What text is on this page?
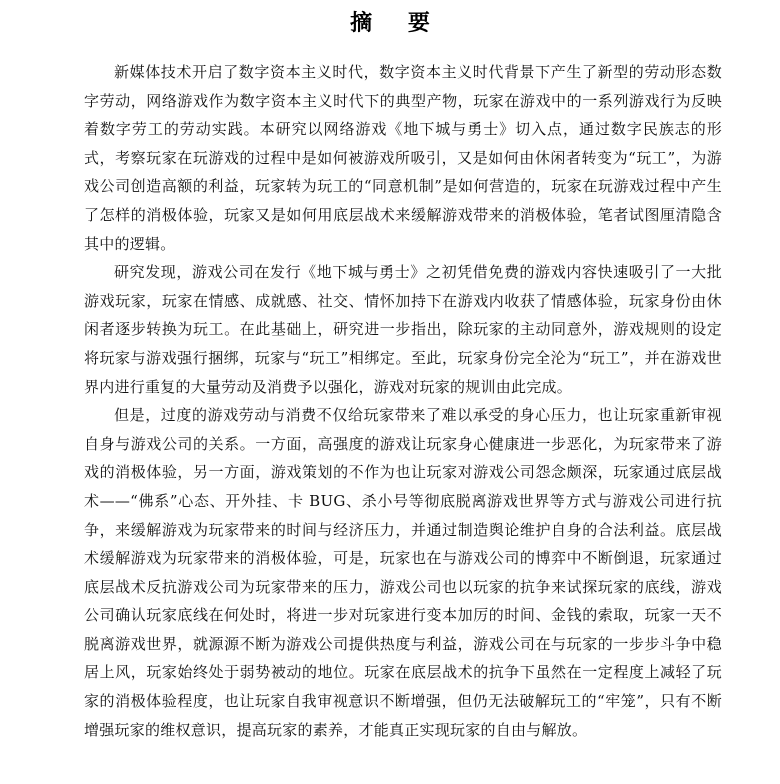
摘 要

新媒体技术开启了数字资本主义时代，数字资本主义时代背景下产生了新型的劳动形态数字劳动，网络游戏作为数字资本主义时代下的典型产物，玩家在游戏中的一系列游戏行为反映着数字劳工的劳动实践。本研究以网络游戏《地下城与勇士》切入点，通过数字民族志的形式，考察玩家在玩游戏的过程中是如何被游戏所吸引，又是如何由休闲者转变为“玩工”，为游戏公司创造高额的利益，玩家转为玩工的“同意机制”是如何营造的，玩家在玩游戏过程中产生了怎样的消极体验，玩家又是如何用底层战术来缓解游戏带来的消极体验，笔者试图厘清隐含其中的逻辑。

研究发现，游戏公司在发行《地下城与勇士》之初凭借免费的游戏内容快速吸引了一大批游戏玩家，玩家在情感、成就感、社交、情怀加持下在游戏内收获了情感体验，玩家身份由休闲者逐步转换为玩工。在此基础上，研究进一步指出，除玩家的主动同意外，游戏规则的设定将玩家与游戏强行捆绑，玩家与“玩工”相绑定。至此，玩家身份完全沦为“玩工”，并在游戏世界内进行重复的大量劳动及消费予以强化，游戏对玩家的规训由此完成。

但是，过度的游戏劳动与消费不仅给玩家带来了难以承受的身心压力，也让玩家重新审视自身与游戏公司的关系。一方面，高强度的游戏让玩家身心健康进一步恶化，为玩家带来了游戏的消极体验，另一方面，游戏策划的不作为也让玩家对游戏公司怨念颇深，玩家通过底层战术——“佛系”心态、开外挂、卡 BUG、杀小号等彻底脱离游戏世界等方式与游戏公司进行抗争，来缓解游戏为玩家带来的时间与经济压力，并通过制造舆论维护自身的合法利益。底层战术缓解游戏为玩家带来的消极体验，可是，玩家也在与游戏公司的博弈中不断倒退，玩家通过底层战术反抗游戏公司为玩家带来的压力，游戏公司也以玩家的抗争来试探玩家的底线，游戏公司确认玩家底线在何处时，将进一步对玩家进行变本加厉的时间、金钱的索取，玩家一天不脱离游戏世界，就源源不断为游戏公司提供热度与利益，游戏公司在与玩家的一步步斗争中稳居上风，玩家始终处于弱势被动的地位。玩家在底层战术的抗争下虽然在一定程度上减轻了玩家的消极体验程度，也让玩家自我审视意识不断增强，但仍无法破解玩工的“牢笼”，只有不断增强玩家的维权意识，提高玩家的素养，才能真正实现玩家的自由与解放。
